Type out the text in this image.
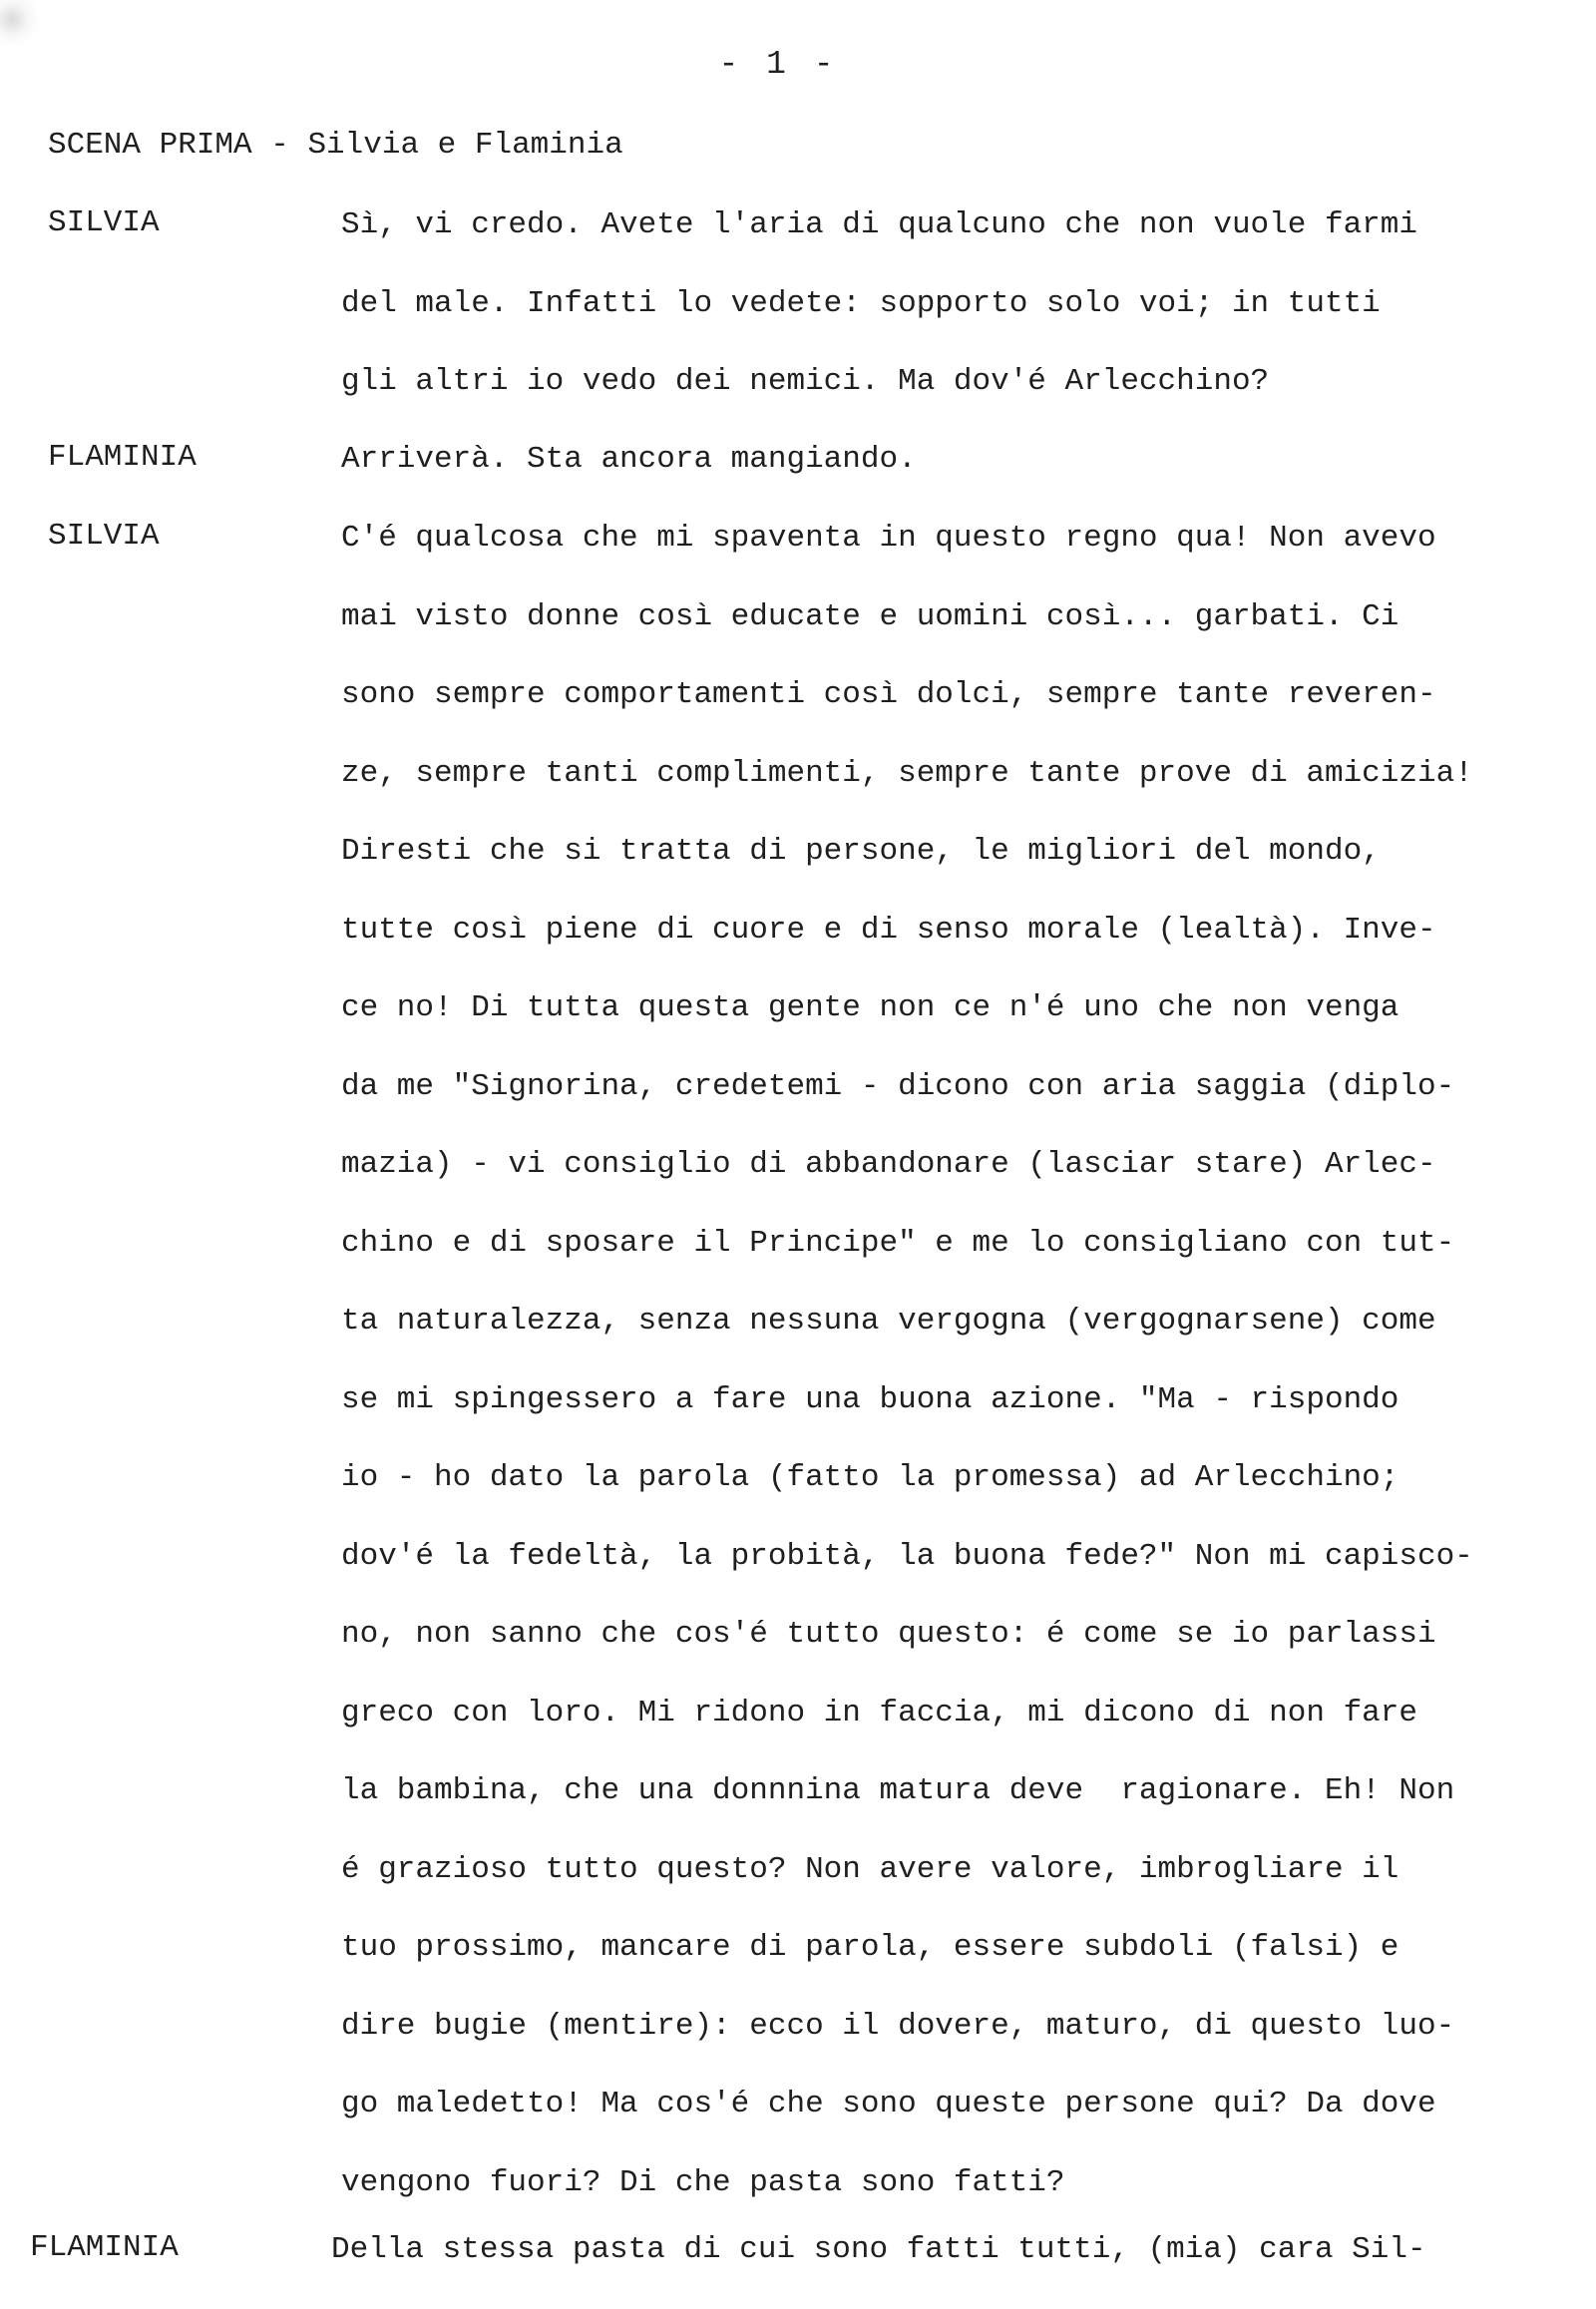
- 1 -
SCENA PRIMA - Silvia e Flaminia
SILVIA	Sì, vi credo. Avete l'aria di qualcuno che non vuole farmi
del male. Infatti lo vedete: sopporto solo voi; in tutti
gli altri io vedo dei nemici. Ma dov'é Arlecchino?
FLAMINIA	Arriverà. Sta ancora mangiando.
SILVIA	C'é qualcosa che mi spaventa in questo regno qua! Non avevo
mai visto donne così educate e uomini così... garbati. Ci
sono sempre comportamenti così dolci, sempre tante reveren-
ze, sempre tanti complimenti, sempre tante prove di amicizia!
Diresti che si tratta di persone, le migliori del mondo,
tutte così piene di cuore e di senso morale (lealtà). Inve-
ce no! Di tutta questa gente non ce n'é uno che non venga
da me "Signorina, credetemi - dicono con aria saggia (diplo-
mazia) - vi consiglio di abbandonare (lasciar stare) Arlec-
chino e di sposare il Principe" e me lo consigliano con tut-
ta naturalezza, senza nessuna vergogna (vergognarsene) come
se mi spingessero a fare una buona azione. "Ma - rispondo
io - ho dato la parola (fatto la promessa) ad Arlecchino;
dov'é la fedeltà, la probità, la buona fede?" Non mi capisco-
no, non sanno che cos'é tutto questo: é come se io parlassi
greco con loro. Mi ridono in faccia, mi dicono di non fare
la bambina, che una donnnina matura deve  ragionare. Eh! Non
é grazioso tutto questo? Non avere valore, imbrogliare il
tuo prossimo, mancare di parola, essere subdoli (falsi) e
dire bugie (mentire): ecco il dovere, maturo, di questo luo-
go maledetto! Ma cos'é che sono queste persone qui? Da dove
vengono fuori? Di che pasta sono fatti?
FLAMINIA	Della stessa pasta di cui sono fatti tutti, (mia) cara Sil-
